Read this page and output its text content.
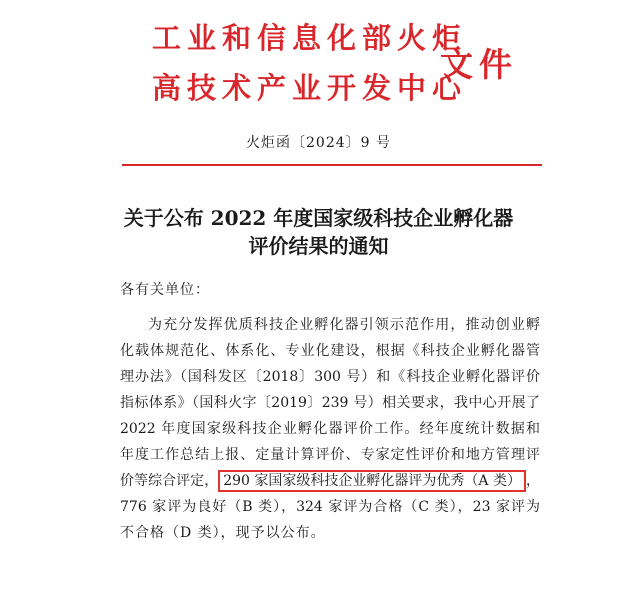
工业和信息化部火炬
高技术产业开发中心
文件
火炬函〔2024〕9 号
关于公布 2022 年度国家级科技企业孵化器
评价结果的通知
各有关单位：
为充分发挥优质科技企业孵化器引领示范作用，推动创业孵
化载体规范化、体系化、专业化建设，根据《科技企业孵化器管
理办法》（国科发区〔2018〕300 号）和《科技企业孵化器评价
指标体系》（国科火字〔2019〕239 号）相关要求，我中心开展了
2022 年度国家级科技企业孵化器评价工作。经年度统计数据和
年度工作总结上报、定量计算评价、专家定性评价和地方管理评
价等综合评定， 290 家国家级科技企业孵化器评为优秀（A 类） ，
776 家评为良好（B 类），324 家评为合格（C 类），23 家评为
不合格（D 类），现予以公布。
